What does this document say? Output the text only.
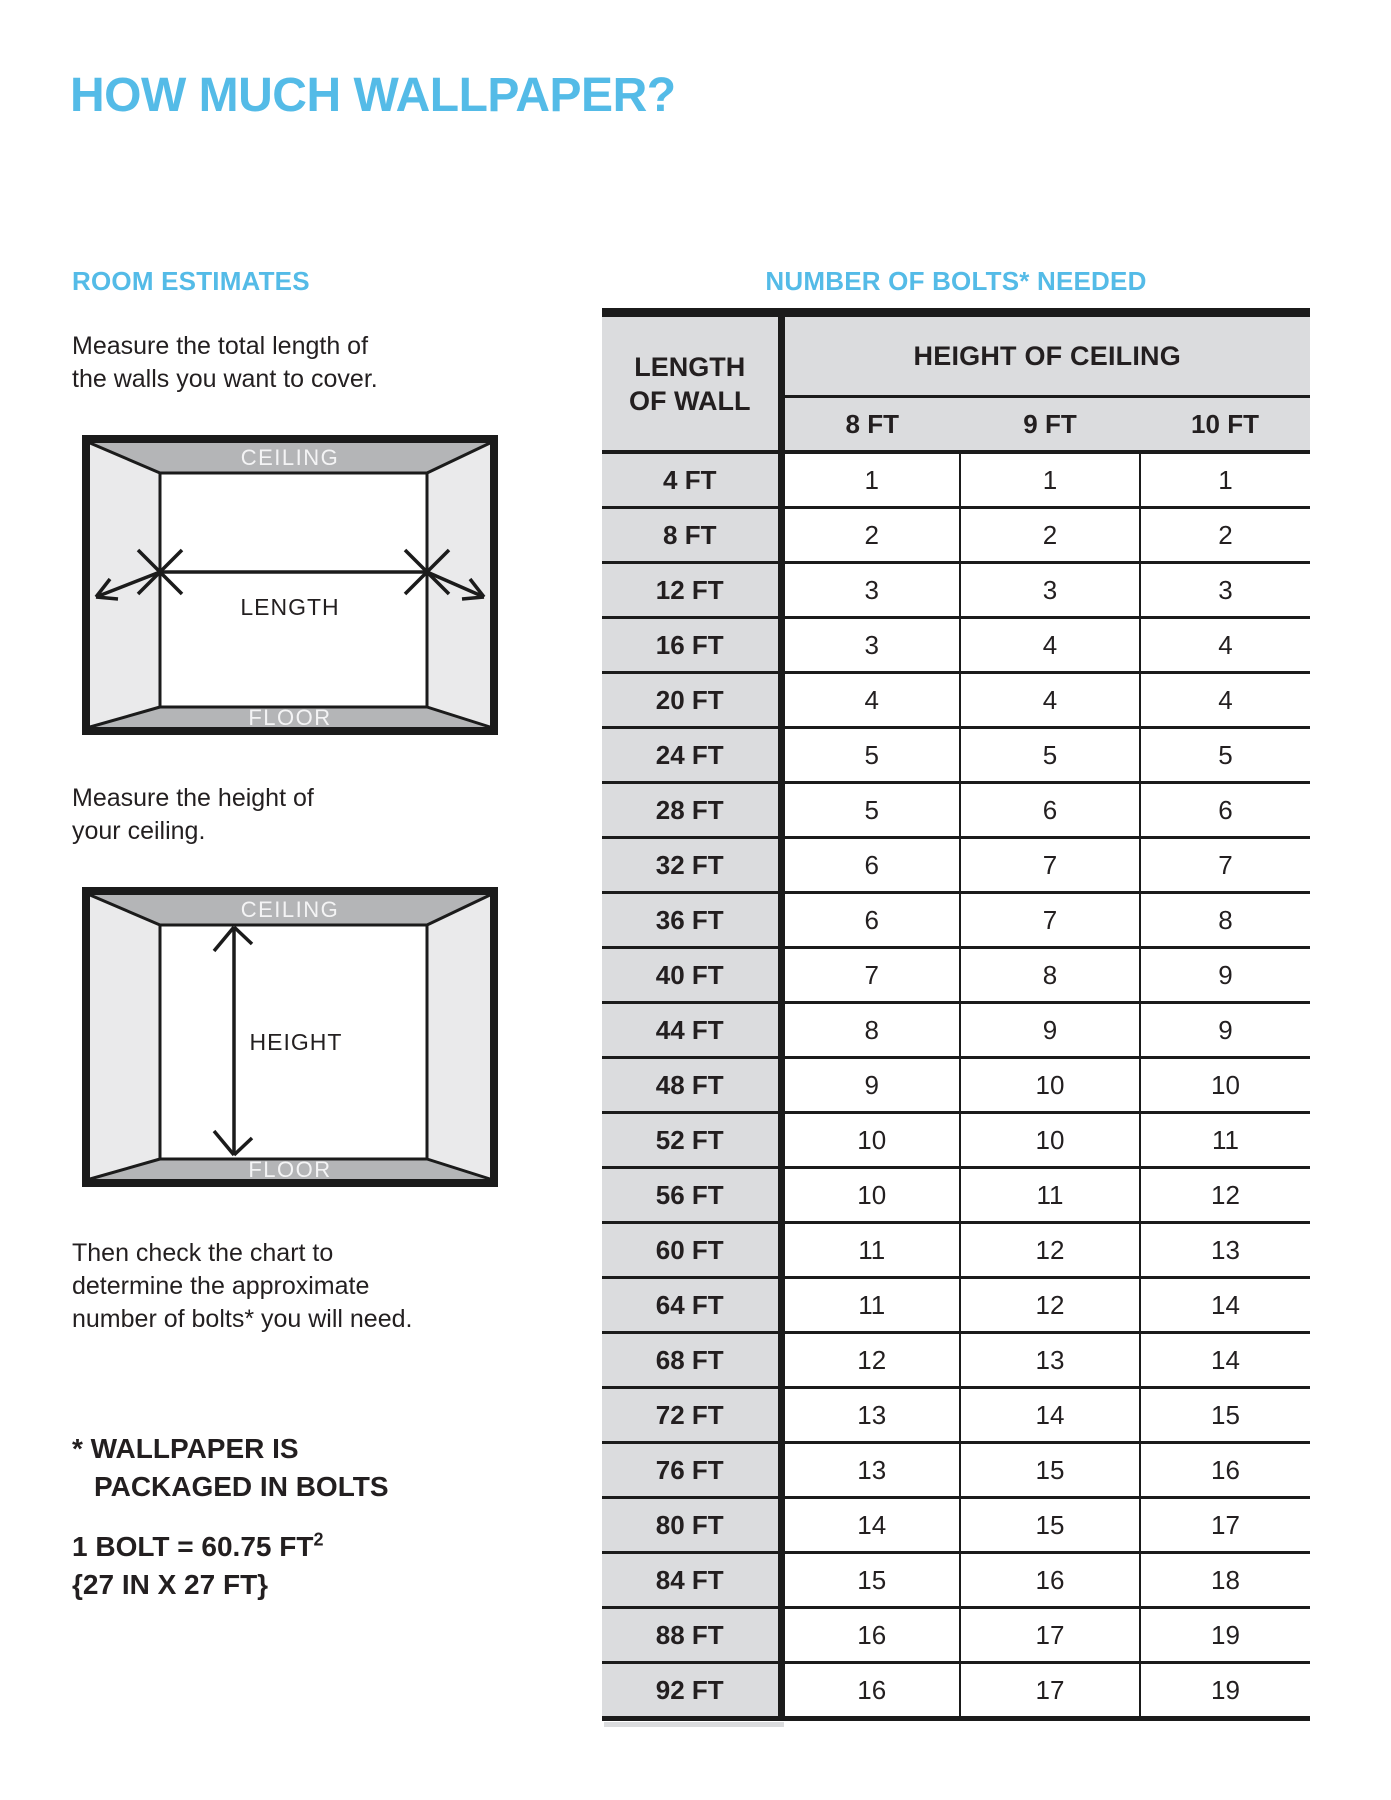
HOW MUCH WALLPAPER?
ROOM ESTIMATES	NUMBER OF BOLTS* NEEDED
Measure the total length of
the walls you want to cover.
CEILING
FLOOR
LENGTH
Measure the height of
your ceiling.
CEILING
FLOOR
HEIGHT
Then check the chart to
determine the approximate
number of bolts* you will need.
* WALLPAPER IS
PACKAGED IN BOLTS
1 BOLT = 60.75 $FT^2$
{27 IN X 27 FT}
LENGTH
OF WALL	HEIGHT OF CEILING		
	8 FT	9 FT	10 FT
4 FT	1	1	1
8 FT	2	2	2
12 FT	3	3	3
16 FT	3	4	4
20 FT	4	4	4
24 FT	5	5	5
28 FT	5	6	6
32 FT	6	7	7
36 FT	6	7	8
40 FT	7	8	9
44 FT	8	9	9
48 FT	9	10	10
52 FT	10	10	11
56 FT	10	11	12
60 FT	11	12	13
64 FT	11	12	14
68 FT	12	13	14
72 FT	13	14	15
76 FT	13	15	16
80 FT	14	15	17
84 FT	15	16	18
88 FT	16	17	19
92 FT	16	17	19
